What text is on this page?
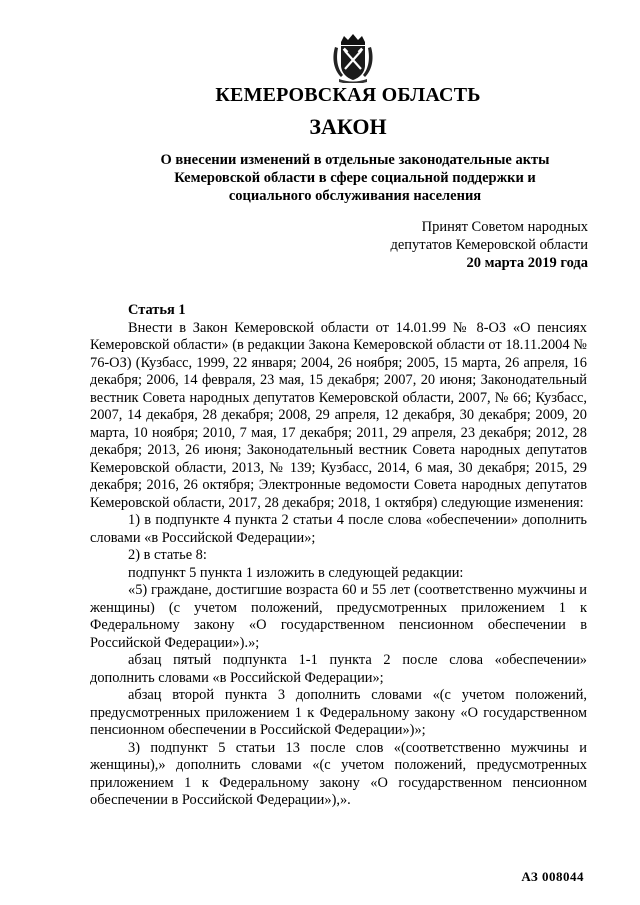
КЕМЕРОВСКАЯ ОБЛАСТЬ
ЗАКОН
О внесении изменений в отдельные законодательные акты
Кемеровской области в сфере социальной поддержки и
социального обслуживания населения
Принят Советом народных
депутатов Кемеровской области
20 марта 2019 года
Статья 1
Внести в Закон Кемеровской области от 14.01.99 № 8-ОЗ «О пенсиях Кемеровской области» (в редакции Закона Кемеровской области от 18.11.2004 № 76-ОЗ) (Кузбасс, 1999, 22 января; 2004, 26 ноября; 2005, 15 марта, 26 апреля, 16 декабря; 2006, 14 февраля, 23 мая, 15 декабря; 2007, 20 июня; Законодательный вестник Совета народных депутатов Кемеровской области, 2007, № 66; Кузбасс, 2007, 14 декабря, 28 декабря; 2008, 29 апреля, 12 декабря, 30 декабря; 2009, 20 марта, 10 ноября; 2010, 7 мая, 17 декабря; 2011, 29 апреля, 23 декабря; 2012, 28 декабря; 2013, 26 июня; Законодательный вестник Совета народных депутатов Кемеровской области, 2013, № 139; Кузбасс, 2014, 6 мая, 30 декабря; 2015, 29 декабря; 2016, 26 октября; Электронные ведомости Совета народных депутатов Кемеровской области, 2017, 28 декабря; 2018, 1 октября) следующие изменения:
1) в подпункте 4 пункта 2 статьи 4 после слова «обеспечении» дополнить словами «в Российской Федерации»;
2) в статье 8:
подпункт 5 пункта 1 изложить в следующей редакции:
«5) граждане, достигшие возраста 60 и 55 лет (соответственно мужчины и женщины) (с учетом положений, предусмотренных приложением 1 к Федеральному закону «О государственном пенсионном обеспечении в Российской Федерации»).»;
абзац пятый подпункта 1-1 пункта 2 после слова «обеспечении» дополнить словами «в Российской Федерации»;
абзац второй пункта 3 дополнить словами «(с учетом положений, предусмотренных приложением 1 к Федеральному закону «О государственном пенсионном обеспечении в Российской Федерации»)»;
3) подпункт 5 статьи 13 после слов «(соответственно мужчины и женщины),» дополнить словами «(с учетом положений, предусмотренных приложением 1 к Федеральному закону «О государственном пенсионном обеспечении в Российской Федерации»),».
АЗ 008044
